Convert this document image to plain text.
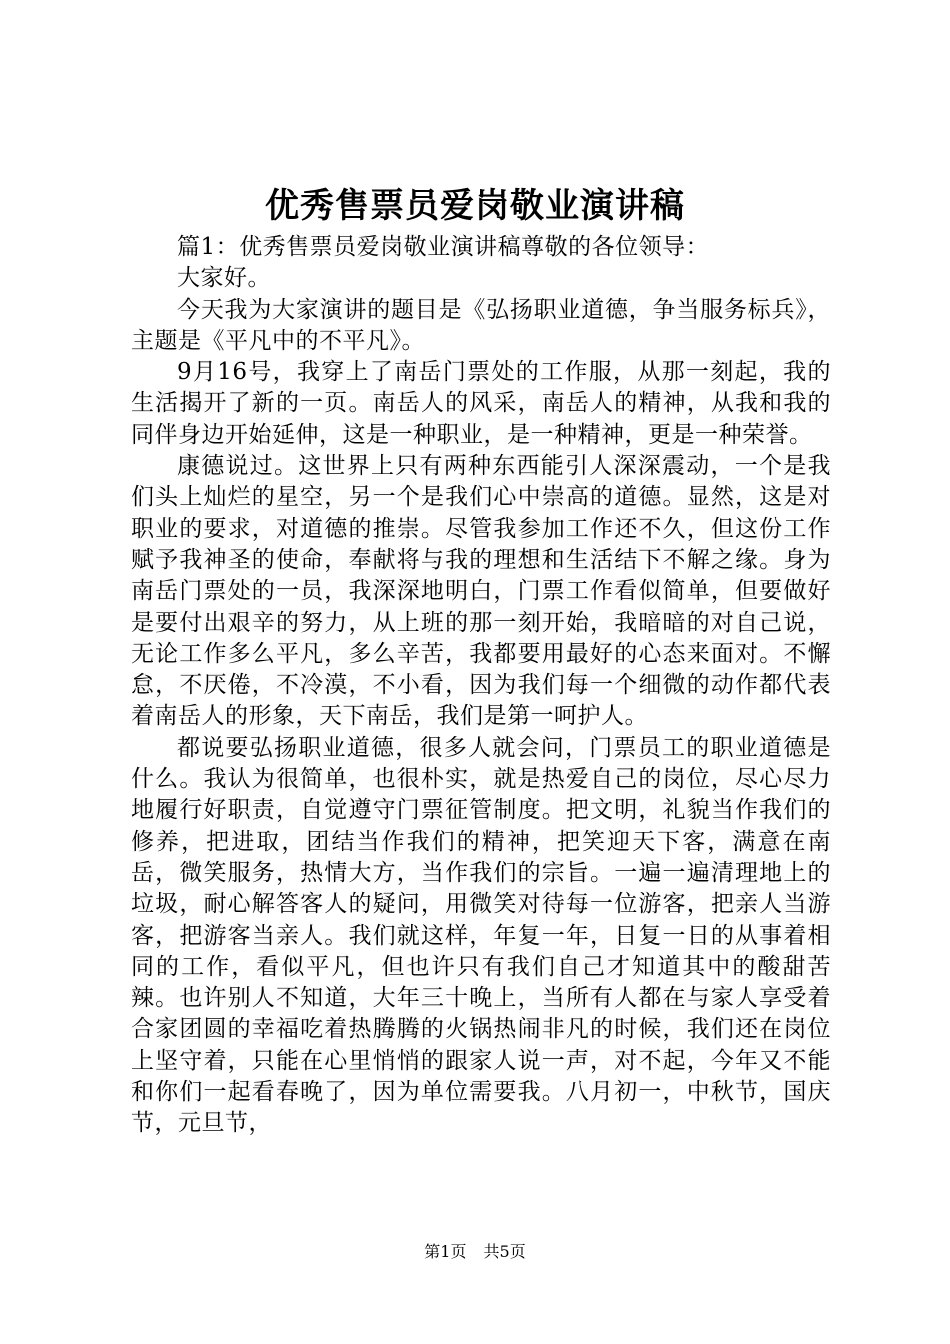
优秀售票员爱岗敬业演讲稿

篇1：优秀售票员爱岗敬业演讲稿尊敬的各位领导：

大家好。

今天我为大家演讲的题目是《弘扬职业道德，争当服务标兵》，主题是《平凡中的不平凡》。

9月16号，我穿上了南岳门票处的工作服，从那一刻起，我的生活揭开了新的一页。南岳人的风采，南岳人的精神，从我和我的同伴身边开始延伸，这是一种职业，是一种精神，更是一种荣誉。

康德说过。这世界上只有两种东西能引人深深震动，一个是我们头上灿烂的星空，另一个是我们心中崇高的道德。显然，这是对职业的要求，对道德的推崇。尽管我参加工作还不久，但这份工作赋予我神圣的使命，奉献将与我的理想和生活结下不解之缘。身为南岳门票处的一员，我深深地明白，门票工作看似简单，但要做好是要付出艰辛的努力，从上班的那一刻开始，我暗暗的对自己说，无论工作多么平凡，多么辛苦，我都要用最好的心态来面对。不懈怠，不厌倦，不冷漠，不小看，因为我们每一个细微的动作都代表着南岳人的形象，天下南岳，我们是第一呵护人。

都说要弘扬职业道德，很多人就会问，门票员工的职业道德是什么。我认为很简单，也很朴实，就是热爱自己的岗位，尽心尽力地履行好职责，自觉遵守门票征管制度。把文明，礼貌当作我们的修养，把进取，团结当作我们的精神，把笑迎天下客，满意在南岳，微笑服务，热情大方，当作我们的宗旨。一遍一遍清理地上的垃圾，耐心解答客人的疑问，用微笑对待每一位游客，把亲人当游客，把游客当亲人。我们就这样，年复一年，日复一日的从事着相同的工作，看似平凡，但也许只有我们自己才知道其中的酸甜苦辣。也许别人不知道，大年三十晚上，当所有人都在与家人享受着合家团圆的幸福吃着热腾腾的火锅热闹非凡的时候，我们还在岗位上坚守着，只能在心里悄悄的跟家人说一声，对不起，今年又不能和你们一起看春晚了，因为单位需要我。八月初一，中秋节，国庆节，元旦节，

第1页 共5页
